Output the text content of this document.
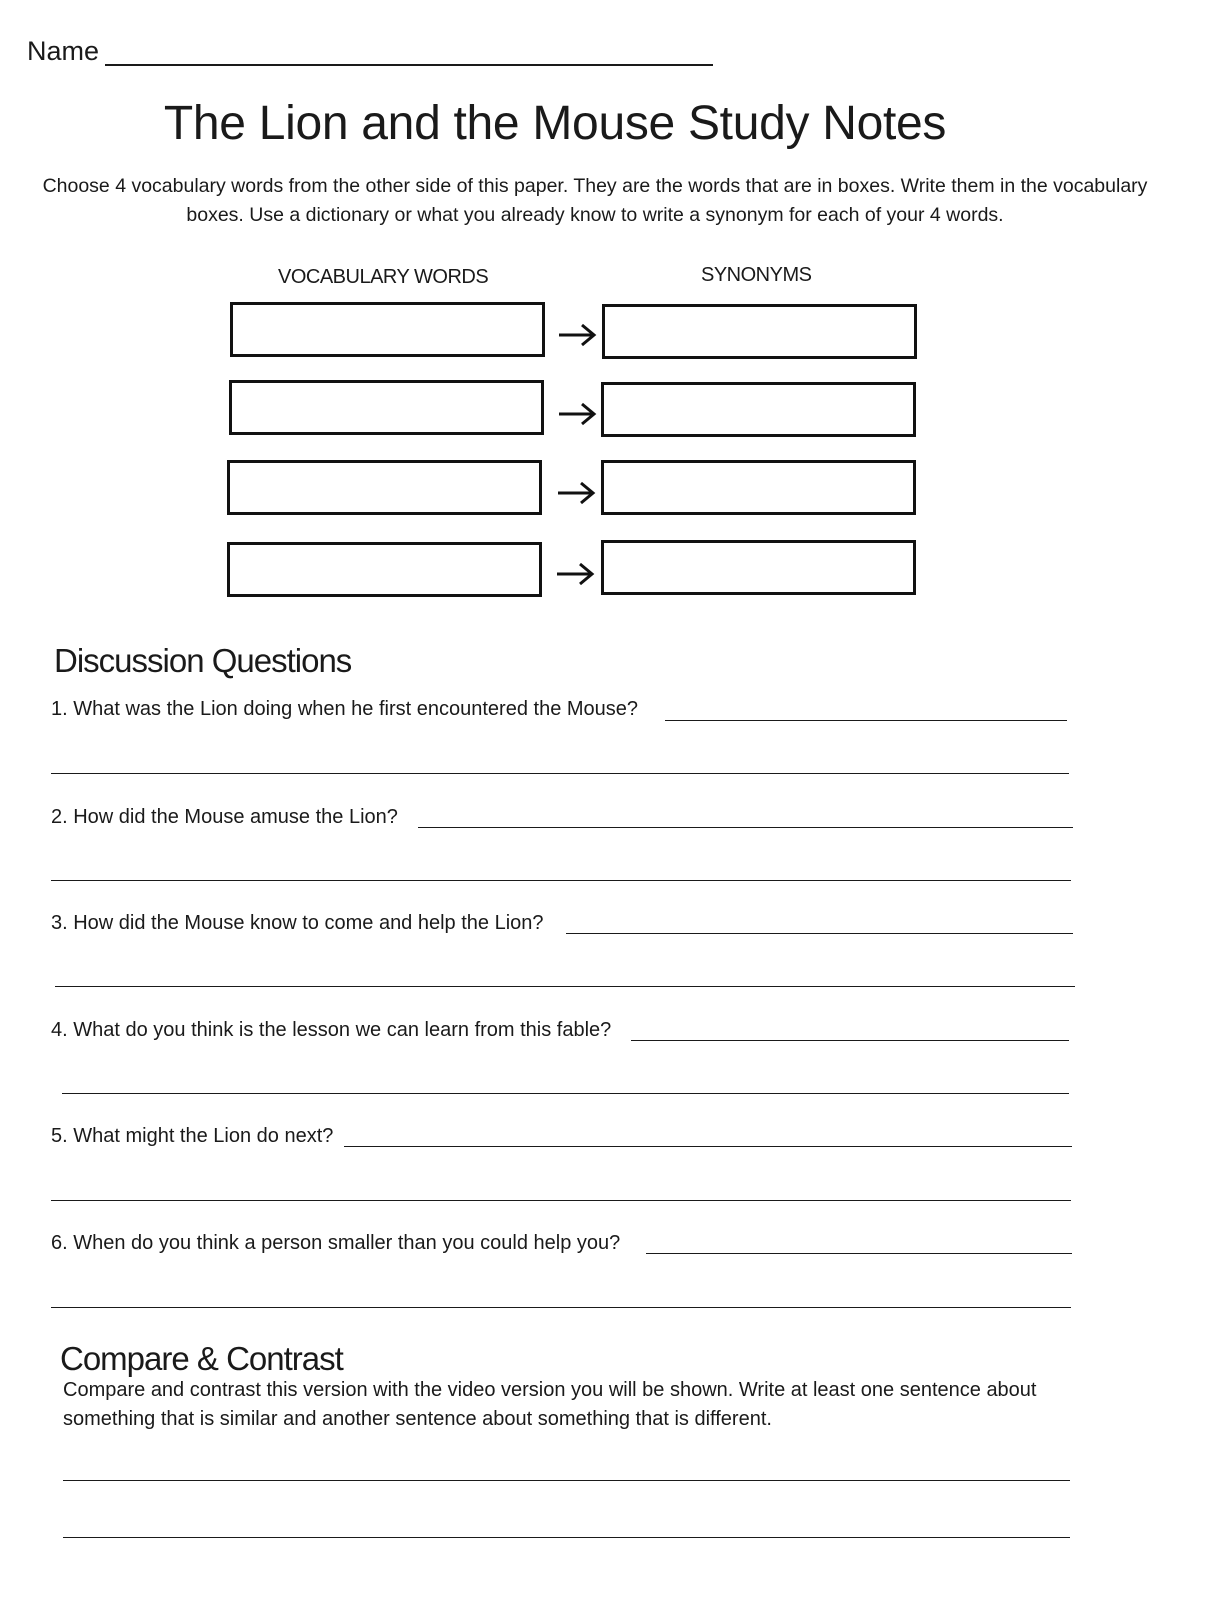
Name
The Lion and the Mouse Study Notes
Choose 4 vocabulary words from the other side of this paper. They are the words that are in boxes. Write them in the vocabulary boxes. Use a dictionary or what you already know to write a synonym for each of your 4 words.
VOCABULARY WORDS	SYNONYMS
Discussion Questions
1. What was the Lion doing when he first encountered the Mouse?
2. How did the Mouse amuse the Lion?
3. How did the Mouse know to come and help the Lion?
4. What do you think is the lesson we can learn from this fable?
5. What might the Lion do next?
6. When do you think a person smaller than you could help you?
Compare & Contrast
Compare and contrast this version with the video version you will be shown. Write at least one sentence about something that is similar and another sentence about something that is different.
